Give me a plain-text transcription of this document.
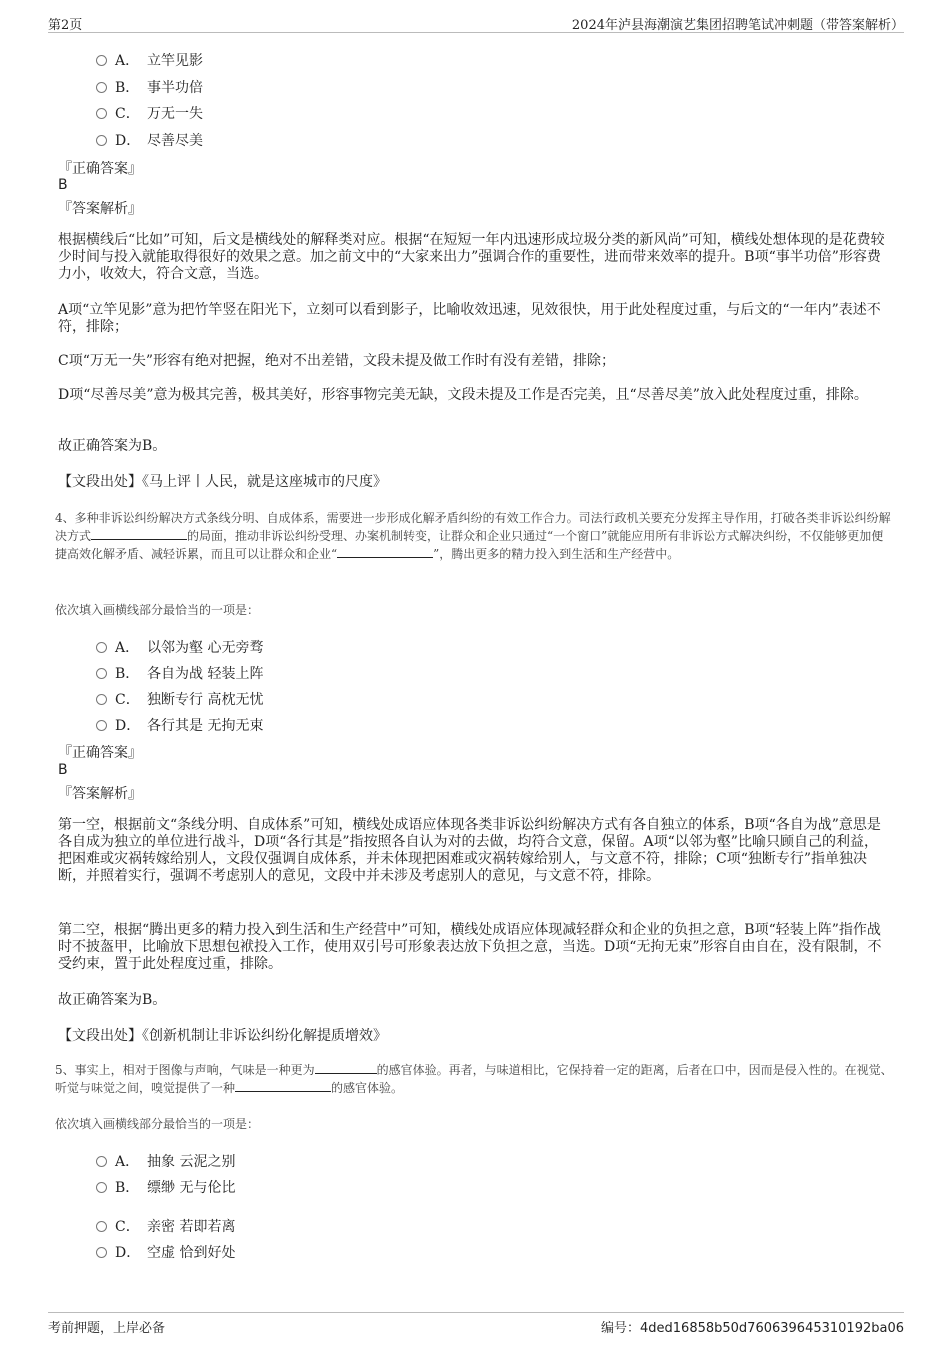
第2页	2024年泸县海潮演艺集团招聘笔试冲刺题（带答案解析）
A． 立竿见影
B． 事半功倍
C． 万无一失
D． 尽善尽美
『正确答案』
B
『答案解析』
根据横线后“比如”可知，后文是横线处的解释类对应。根据“在短短一年内迅速形成垃圾分类的新风尚”可知，横线处想体现的是花费较少时间与投入就能取得很好的效果之意。加之前文中的“大家来出力”强调合作的重要性，进而带来效率的提升。B项“事半功倍”形容费力小，收效大，符合文意，当选。
A项“立竿见影”意为把竹竿竖在阳光下，立刻可以看到影子，比喻收效迅速，见效很快，用于此处程度过重，与后文的“一年内”表述不符，排除；
C项“万无一失”形容有绝对把握，绝对不出差错，文段未提及做工作时有没有差错，排除；
D项“尽善尽美”意为极其完善，极其美好，形容事物完美无缺，文段未提及工作是否完美，且“尽善尽美”放入此处程度过重，排除。
故正确答案为B。
【文段出处】《马上评丨人民，就是这座城市的尺度》
4、多种非诉讼纠纷解决方式条线分明、自成体系，需要进一步形成化解矛盾纠纷的有效工作合力。司法行政机关要充分发挥主导作用，打破各类非诉讼纠纷解决方式	的局面，推动非诉讼纠纷受理、办案机制转变，让群众和企业只通过“一个窗口”就能应用所有非诉讼方式解决纠纷，不仅能够更加便捷高效化解矛盾、减轻诉累，而且可以让群众和企业“	”，腾出更多的精力投入到生活和生产经营中。
依次填入画横线部分最恰当的一项是：
A． 以邻为壑 心无旁骛
B． 各自为战 轻装上阵
C． 独断专行 高枕无忧
D． 各行其是 无拘无束
『正确答案』
B
『答案解析』
第一空，根据前文“条线分明、自成体系”可知，横线处成语应体现各类非诉讼纠纷解决方式有各自独立的体系，B项“各自为战”意思是各自成为独立的单位进行战斗，D项“各行其是”指按照各自认为对的去做，均符合文意，保留。A项“以邻为壑”比喻只顾自己的利益，把困难或灾祸转嫁给别人，文段仅强调自成体系，并未体现把困难或灾祸转嫁给别人，与文意不符，排除；C项“独断专行”指单独决断，并照着实行，强调不考虑别人的意见，文段中并未涉及考虑别人的意见，与文意不符，排除。
第二空，根据“腾出更多的精力投入到生活和生产经营中”可知，横线处成语应体现减轻群众和企业的负担之意，B项“轻装上阵”指作战时不披盔甲，比喻放下思想包袱投入工作，使用双引号可形象表达放下负担之意，当选。D项“无拘无束”形容自由自在，没有限制，不受约束，置于此处程度过重，排除。
故正确答案为B。
【文段出处】《创新机制让非诉讼纠纷化解提质增效》
5、事实上，相对于图像与声响，气味是一种更为	的感官体验。再者，与味道相比，它保持着一定的距离，后者在口中，因而是侵入性的。在视觉、听觉与味觉之间，嗅觉提供了一种	的感官体验。
依次填入画横线部分最恰当的一项是：
A． 抽象 云泥之别
B． 缥缈 无与伦比
C． 亲密 若即若离
D． 空虚 恰到好处
考前押题，上岸必备	编号：4ded16858b50d760639645310192ba06
